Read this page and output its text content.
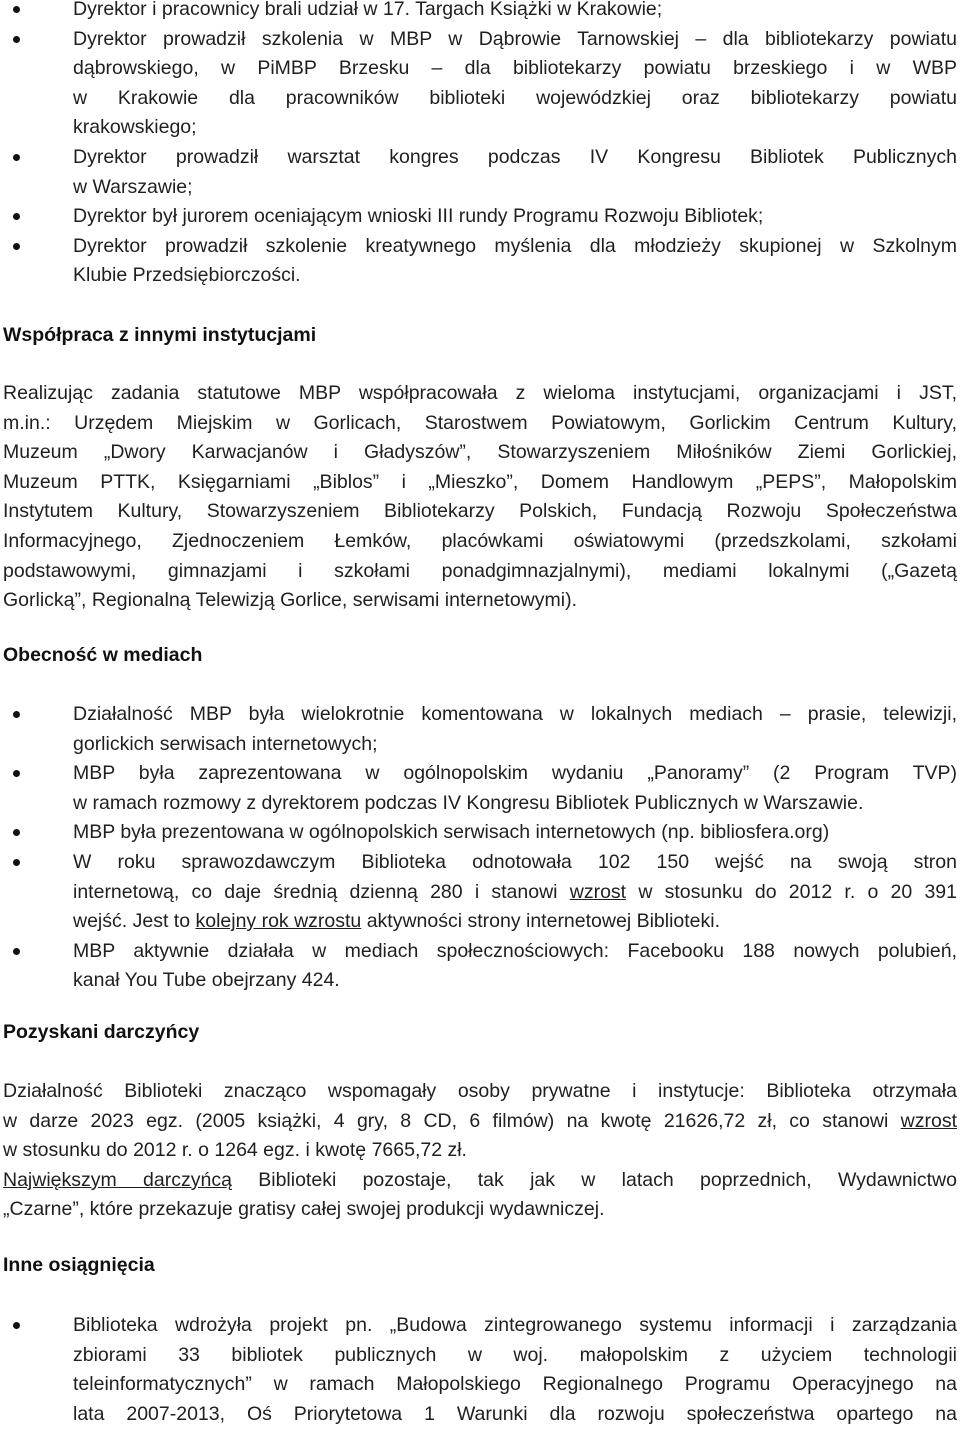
Dyrektor i pracownicy brali udział w 17. Targach Książki w Krakowie;
Dyrektor prowadził szkolenia w MBP w Dąbrowie Tarnowskiej – dla bibliotekarzy powiatu
dąbrowskiego, w PiMBP Brzesku – dla bibliotekarzy powiatu brzeskiego i w WBP
w Krakowie dla pracowników biblioteki wojewódzkiej oraz bibliotekarzy powiatu
krakowskiego;
Dyrektor prowadził warsztat kongres podczas IV Kongresu Bibliotek Publicznych
w Warszawie;
Dyrektor był jurorem oceniającym wnioski III rundy Programu Rozwoju Bibliotek;
Dyrektor prowadził szkolenie kreatywnego myślenia dla młodzieży skupionej w Szkolnym
Klubie Przedsiębiorczości.
Współpraca z innymi instytucjami
Realizując zadania statutowe MBP współpracowała z wieloma instytucjami, organizacjami i JST,
m.in.: Urzędem Miejskim w Gorlicach, Starostwem Powiatowym, Gorlickim Centrum Kultury,
Muzeum „Dwory Karwacjanów i Gładyszów”, Stowarzyszeniem Miłośników Ziemi Gorlickiej,
Muzeum PTTK, Księgarniami „Biblos” i „Mieszko”, Domem Handlowym „PEPS”, Małopolskim
Instytutem Kultury, Stowarzyszeniem Bibliotekarzy Polskich, Fundacją Rozwoju Społeczeństwa
Informacyjnego, Zjednoczeniem Łemków, placówkami oświatowymi (przedszkolami, szkołami
podstawowymi, gimnazjami i szkołami ponadgimnazjalnymi), mediami lokalnymi („Gazetą
Gorlicką”, Regionalną Telewizją Gorlice, serwisami internetowymi).
Obecność w mediach
Działalność MBP była wielokrotnie komentowana w lokalnych mediach – prasie, telewizji,
gorlickich serwisach internetowych;
MBP była zaprezentowana w ogólnopolskim wydaniu „Panoramy” (2 Program TVP)
w ramach rozmowy z dyrektorem podczas IV Kongresu Bibliotek Publicznych w Warszawie.
MBP była prezentowana w ogólnopolskich serwisach internetowych (np. bibliosfera.org)
W roku sprawozdawczym Biblioteka odnotowała 102 150 wejść na swoją stron
internetową, co daje średnią dzienną 280 i stanowi wzrost w stosunku do 2012 r. o 20 391
wejść. Jest to kolejny rok wzrostu aktywności strony internetowej Biblioteki.
MBP aktywnie działała w mediach społecznościowych: Facebooku 188 nowych polubień,
kanał You Tube obejrzany 424.
Pozyskani darczyńcy
Działalność Biblioteki znacząco wspomagały osoby prywatne i instytucje: Biblioteka otrzymała
w darze 2023 egz. (2005 książki, 4 gry, 8 CD, 6 filmów) na kwotę 21626,72 zł, co stanowi wzrost
w stosunku do 2012 r. o 1264 egz. i kwotę 7665,72 zł.
Największym darczyńcą Biblioteki pozostaje, tak jak w latach poprzednich, Wydawnictwo
„Czarne”, które przekazuje gratisy całej swojej produkcji wydawniczej.
Inne osiągnięcia
Biblioteka wdrożyła projekt pn. „Budowa zintegrowanego systemu informacji i zarządzania
zbiorami 33 bibliotek publicznych w woj. małopolskim z użyciem technologii
teleinformatycznych” w ramach Małopolskiego Regionalnego Programu Operacyjnego na
lata 2007-2013, Oś Priorytetowa 1 Warunki dla rozwoju społeczeństwa opartego na
